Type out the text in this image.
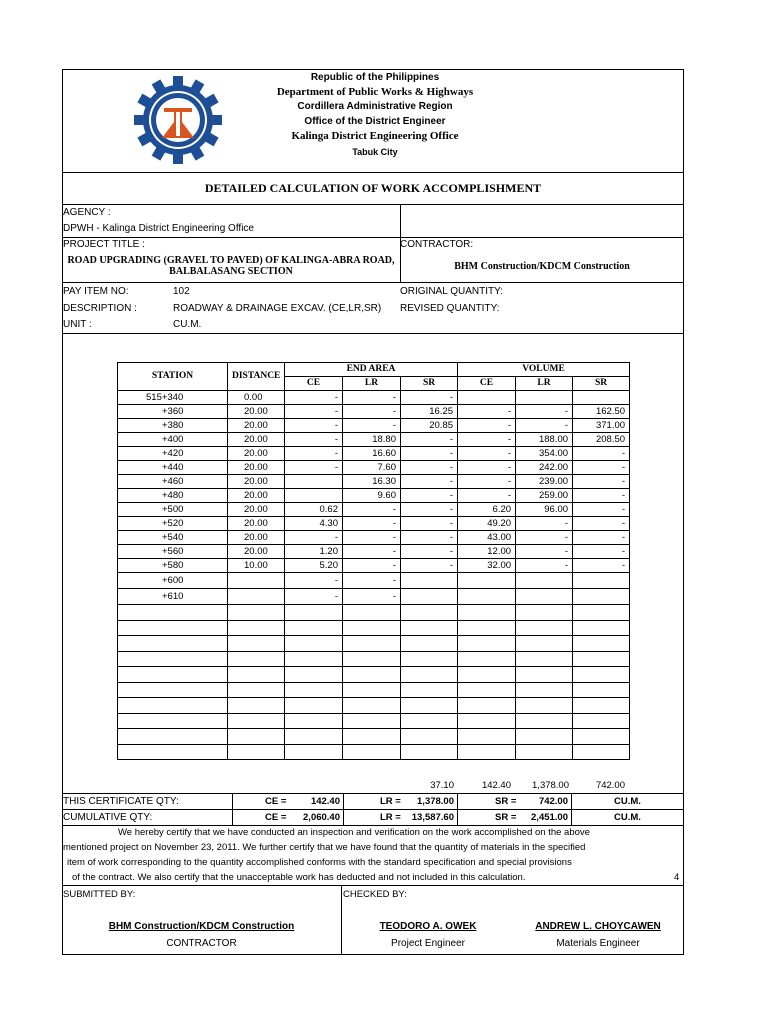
Republic of the Philippines
Department of Public Works & Highways
Cordillera Administrative Region
Office of the District Engineer
Kalinga District Engineering Office
Tabuk City
DETAILED CALCULATION OF WORK ACCOMPLISHMENT
AGENCY :
DPWH - Kalinga District Engineering Office
PROJECT TITLE :
ROAD UPGRADING (GRAVEL TO PAVED) OF KALINGA-ABRA ROAD,
BALBALASANG SECTION
CONTRACTOR:
BHM Construction/KDCM Construction
PAY ITEM NO:	102	ORIGINAL QUANTITY:
DESCRIPTION :	ROADWAY & DRAINAGE EXCAV. (CE,LR,SR) REVISED QUANTITY:
UNIT :	CU.M.
STATION	DISTANCE	END AREA			VOLUME		
		CE	LR	SR	CE	LR	SR
515+340	0.00	-	-	-			
+360	20.00	-	-	16.25	-	-	162.50
+380	20.00	-	-	20.85	-	-	371.00
+400	20.00	-	18.80	-	-	188.00	208.50
+420	20.00	-	16.60	-	-	354.00	-
+440	20.00	-	7.60	-	-	242.00	-
+460	20.00		16.30	-	-	239.00	-
+480	20.00		9.60	-	-	259.00	-
+500	20.00	0.62	-	-	6.20	96.00	-
+520	20.00	4.30	-	-	49.20	-	-
+540	20.00	-	-	-	43.00	-	-
+560	20.00	1.20	-	-	12.00	-	-
+580	10.00	5.20	-	-	32.00	-	-
+600		-	-				
+610		-	-				

37.10	142.40	1,378.00	742.00
THIS CERTIFICATE QTY:	CE =	142.40	LR =	1,378.00	SR =	742.00	CU.M.
CUMULATIVE QTY:	CE =	2,060.40	LR =	13,587.60	SR =	2,451.00	CU.M.
We hereby certify that we have conducted an inspection and verification on the work accomplished on the above
mentioned project on November 23, 2011. We further certify that we have found that the quantity of materials in the specified
item of work corresponding to the quantity accomplished conforms with the standard specification and special provisions
of the contract. We also certify that the unacceptable work has deducted and not included in this calculation.	4
SUBMITTED BY:	CHECKED BY:
BHM Construction/KDCM Construction
CONTRACTOR
TEODORO A. OWEK
Project Engineer
ANDREW L. CHOYCAWEN
Materials Engineer
